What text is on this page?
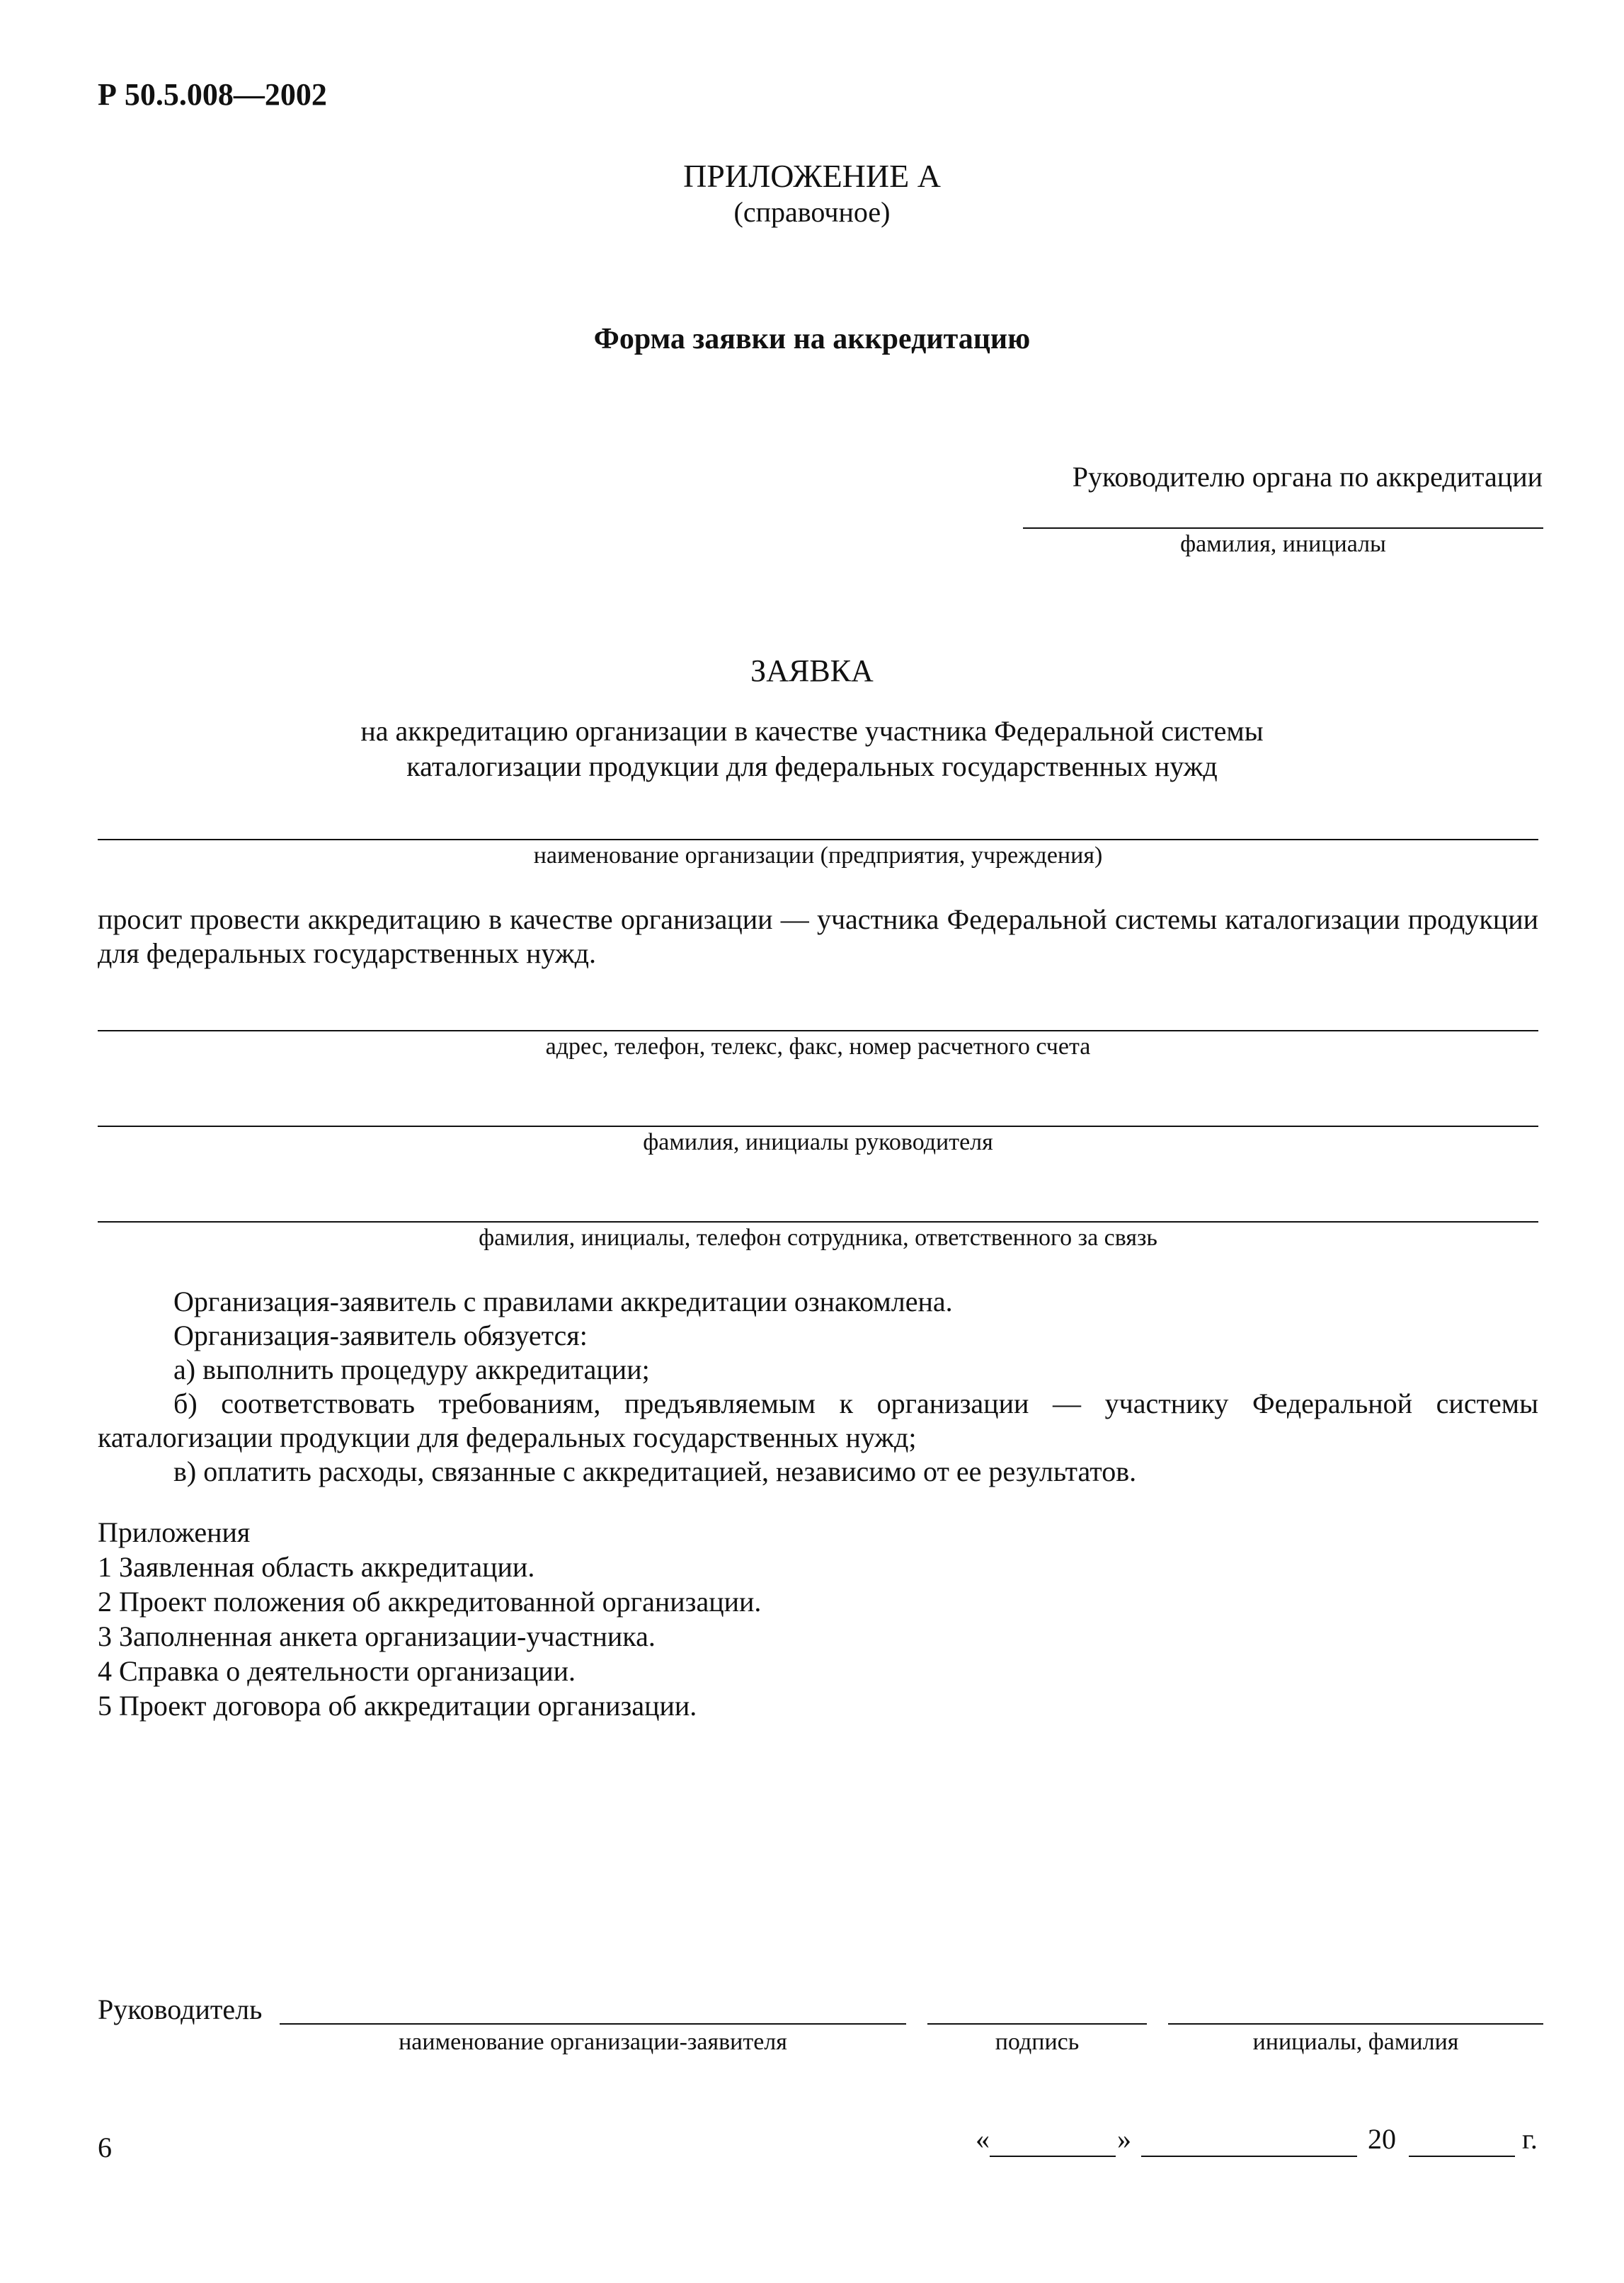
Р 50.5.008—2002
ПРИЛОЖЕНИЕ А
(справочное)
Форма заявки на аккредитацию
Руководителю органа по аккредитации
фамилия, инициалы
ЗАЯВКА
на аккредитацию организации в качестве участника Федеральной системы
каталогизации продукции для федеральных государственных нужд
наименование организации (предприятия, учреждения)
просит провести аккредитацию в качестве организации — участника Федеральной системы каталогизации продукции для федеральных государственных нужд.
адрес, телефон, телекс, факс, номер расчетного счета
фамилия, инициалы руководителя
фамилия, инициалы, телефон сотрудника, ответственного за связь
Организация-заявитель с правилами аккредитации ознакомлена.
Организация-заявитель обязуется:
а) выполнить процедуру аккредитации;
б) соответствовать требованиям, предъявляемым к организации — участнику Федеральной системы
каталогизации продукции для федеральных государственных нужд;
в) оплатить расходы, связанные с аккредитацией, независимо от ее результатов.
Приложения
1 Заявленная область аккредитации.
2 Проект положения об аккредитованной организации.
3 Заполненная анкета организации-участника.
4 Справка о деятельности организации.
5 Проект договора об аккредитации организации.
Руководитель
наименование организации-заявителя	подпись	инициалы, фамилия
«	»	20	г.
6
